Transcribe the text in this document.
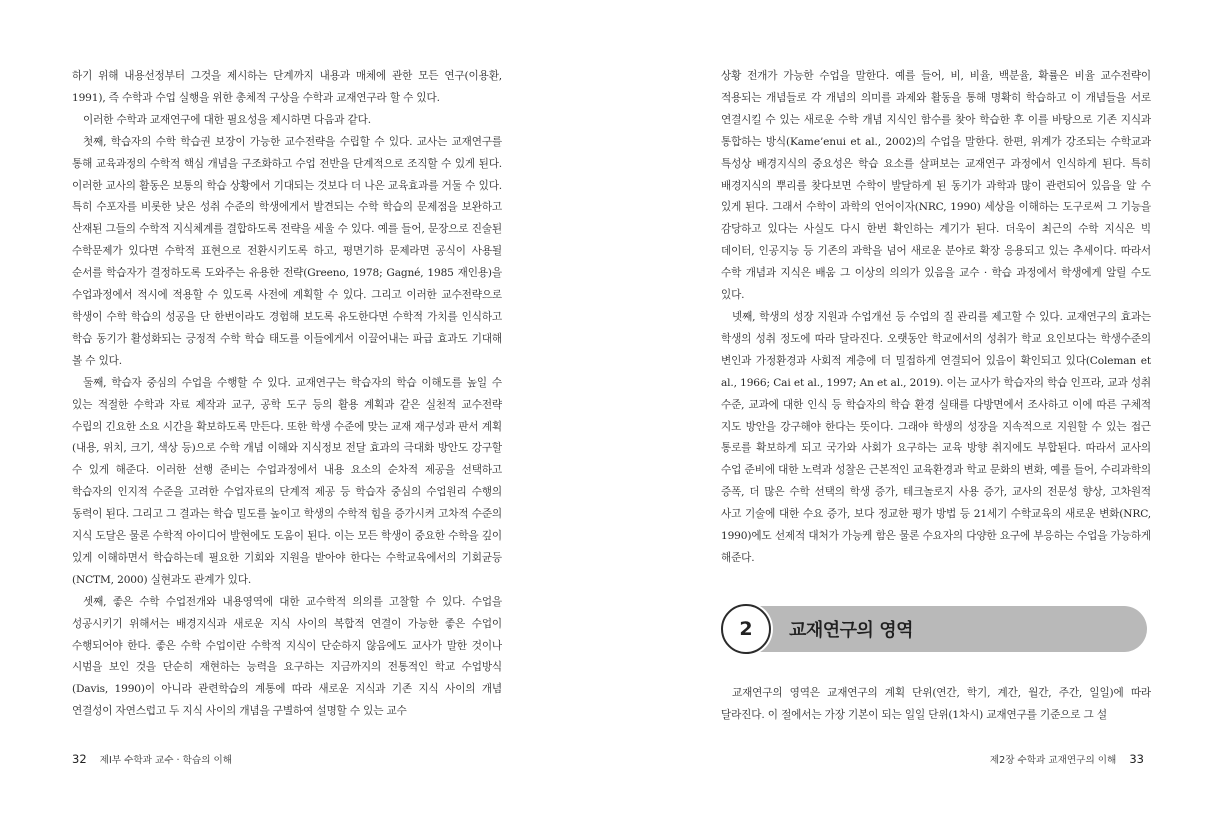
하기 위해 내용선정부터 그것을 제시하는 단계까지 내용과 매체에 관한 모든 연구(이용환, 1991), 즉 수학과 수업 실행을 위한 총체적 구상을 수학과 교재연구라 할 수 있다.

이러한 수학과 교재연구에 대한 필요성을 제시하면 다음과 같다.

첫째, 학습자의 수학 학습권 보장이 가능한 교수전략을 수립할 수 있다. 교사는 교재연구를 통해 교육과정의 수학적 핵심 개념을 구조화하고 수업 전반을 단계적으로 조직할 수 있게 된다. 이러한 교사의 활동은 보통의 학습 상황에서 기대되는 것보다 더 나은 교육효과를 거둘 수 있다. 특히 수포자를 비롯한 낮은 성취 수준의 학생에게서 발견되는 수학 학습의 문제점을 보완하고 산재된 그들의 수학적 지식체계를 결합하도록 전략을 세울 수 있다. 예를 들어, 문장으로 진술된 수학문제가 있다면 수학적 표현으로 전환시키도록 하고, 평면기하 문제라면 공식이 사용될 순서를 학습자가 결정하도록 도와주는 유용한 전략(Greeno, 1978; Gagné, 1985 재인용)을 수업과정에서 적시에 적용할 수 있도록 사전에 계획할 수 있다. 그리고 이러한 교수전략으로 학생이 수학 학습의 성공을 단 한번이라도 경험해 보도록 유도한다면 수학적 가치를 인식하고 학습 동기가 활성화되는 긍정적 수학 학습 태도를 이들에게서 이끌어내는 파급 효과도 기대해 볼 수 있다.

둘째, 학습자 중심의 수업을 수행할 수 있다. 교재연구는 학습자의 학습 이해도를 높일 수 있는 적절한 수학과 자료 제작과 교구, 공학 도구 등의 활용 계획과 같은 실천적 교수전략 수립의 긴요한 소요 시간을 확보하도록 만든다. 또한 학생 수준에 맞는 교재 재구성과 판서 계획(내용, 위치, 크기, 색상 등)으로 수학 개념 이해와 지식정보 전달 효과의 극대화 방안도 강구할 수 있게 해준다. 이러한 선행 준비는 수업과정에서 내용 요소의 순차적 제공을 선택하고 학습자의 인지적 수준을 고려한 수업자료의 단계적 제공 등 학습자 중심의 수업원리 수행의 동력이 된다. 그리고 그 결과는 학습 밀도를 높이고 학생의 수학적 힘을 증가시켜 고차적 수준의 지식 도달은 물론 수학적 아이디어 발현에도 도움이 된다. 이는 모든 학생이 중요한 수학을 깊이 있게 이해하면서 학습하는데 필요한 기회와 지원을 받아야 한다는 수학교육에서의 기회균등(NCTM, 2000) 실현과도 관계가 있다.

셋째, 좋은 수학 수업전개와 내용영역에 대한 교수학적 의의를 고찰할 수 있다. 수업을 성공시키기 위해서는 배경지식과 새로운 지식 사이의 복합적 연결이 가능한 좋은 수업이 수행되어야 한다. 좋은 수학 수업이란 수학적 지식이 단순하지 않음에도 교사가 말한 것이나 시범을 보인 것을 단순히 재현하는 능력을 요구하는 지금까지의 전통적인 학교 수업방식(Davis, 1990)이 아니라 관련학습의 계통에 따라 새로운 지식과 기존 지식 사이의 개념 연결성이 자연스럽고 두 지식 사이의 개념을 구별하여 설명할 수 있는 교수

32 제Ⅰ부 수학과 교수 · 학습의 이해

상황 전개가 가능한 수업을 말한다. 예를 들어, 비, 비율, 백분율, 확률은 비율 교수전략이 적용되는 개념들로 각 개념의 의미를 과제와 활동을 통해 명확히 학습하고 이 개념들을 서로 연결시킬 수 있는 새로운 수학 개념 지식인 함수를 찾아 학습한 후 이를 바탕으로 기존 지식과 통합하는 방식(Kame’enui et al., 2002)의 수업을 말한다. 한편, 위계가 강조되는 수학교과 특성상 배경지식의 중요성은 학습 요소를 살펴보는 교재연구 과정에서 인식하게 된다. 특히 배경지식의 뿌리를 찾다보면 수학이 발달하게 된 동기가 과학과 많이 관련되어 있음을 알 수 있게 된다. 그래서 수학이 과학의 언어이자(NRC, 1990) 세상을 이해하는 도구로써 그 기능을 감당하고 있다는 사실도 다시 한번 확인하는 계기가 된다. 더욱이 최근의 수학 지식은 빅 데이터, 인공지능 등 기존의 과학을 넘어 새로운 분야로 확장 응용되고 있는 추세이다. 따라서 수학 개념과 지식은 배움 그 이상의 의의가 있음을 교수 · 학습 과정에서 학생에게 알릴 수도 있다.

넷째, 학생의 성장 지원과 수업개선 등 수업의 질 관리를 제고할 수 있다. 교재연구의 효과는 학생의 성취 정도에 따라 달라진다. 오랫동안 학교에서의 성취가 학교 요인보다는 학생수준의 변인과 가정환경과 사회적 계층에 더 밀접하게 연결되어 있음이 확인되고 있다(Coleman et al., 1966; Cai et al., 1997; An et al., 2019). 이는 교사가 학습자의 학습 인프라, 교과 성취 수준, 교과에 대한 인식 등 학습자의 학습 환경 실태를 다방면에서 조사하고 이에 따른 구체적 지도 방안을 강구해야 한다는 뜻이다. 그래야 학생의 성장을 지속적으로 지원할 수 있는 접근 통로를 확보하게 되고 국가와 사회가 요구하는 교육 방향 취지에도 부합된다. 따라서 교사의 수업 준비에 대한 노력과 성찰은 근본적인 교육환경과 학교 문화의 변화, 예를 들어, 수리과학의 증폭, 더 많은 수학 선택의 학생 증가, 테크놀로지 사용 증가, 교사의 전문성 향상, 고차원적 사고 기술에 대한 수요 증가, 보다 정교한 평가 방법 등 21세기 수학교육의 새로운 변화(NRC, 1990)에도 선제적 대처가 가능케 함은 물론 수요자의 다양한 요구에 부응하는 수업을 가능하게 해준다.

2	교재연구의 영역

교재연구의 영역은 교재연구의 계획 단위(연간, 학기, 계간, 월간, 주간, 일일)에 따라 달라진다. 이 절에서는 가장 기본이 되는 일일 단위(1차시) 교재연구를 기준으로 그 설

제2장 수학과 교재연구의 이해 33
